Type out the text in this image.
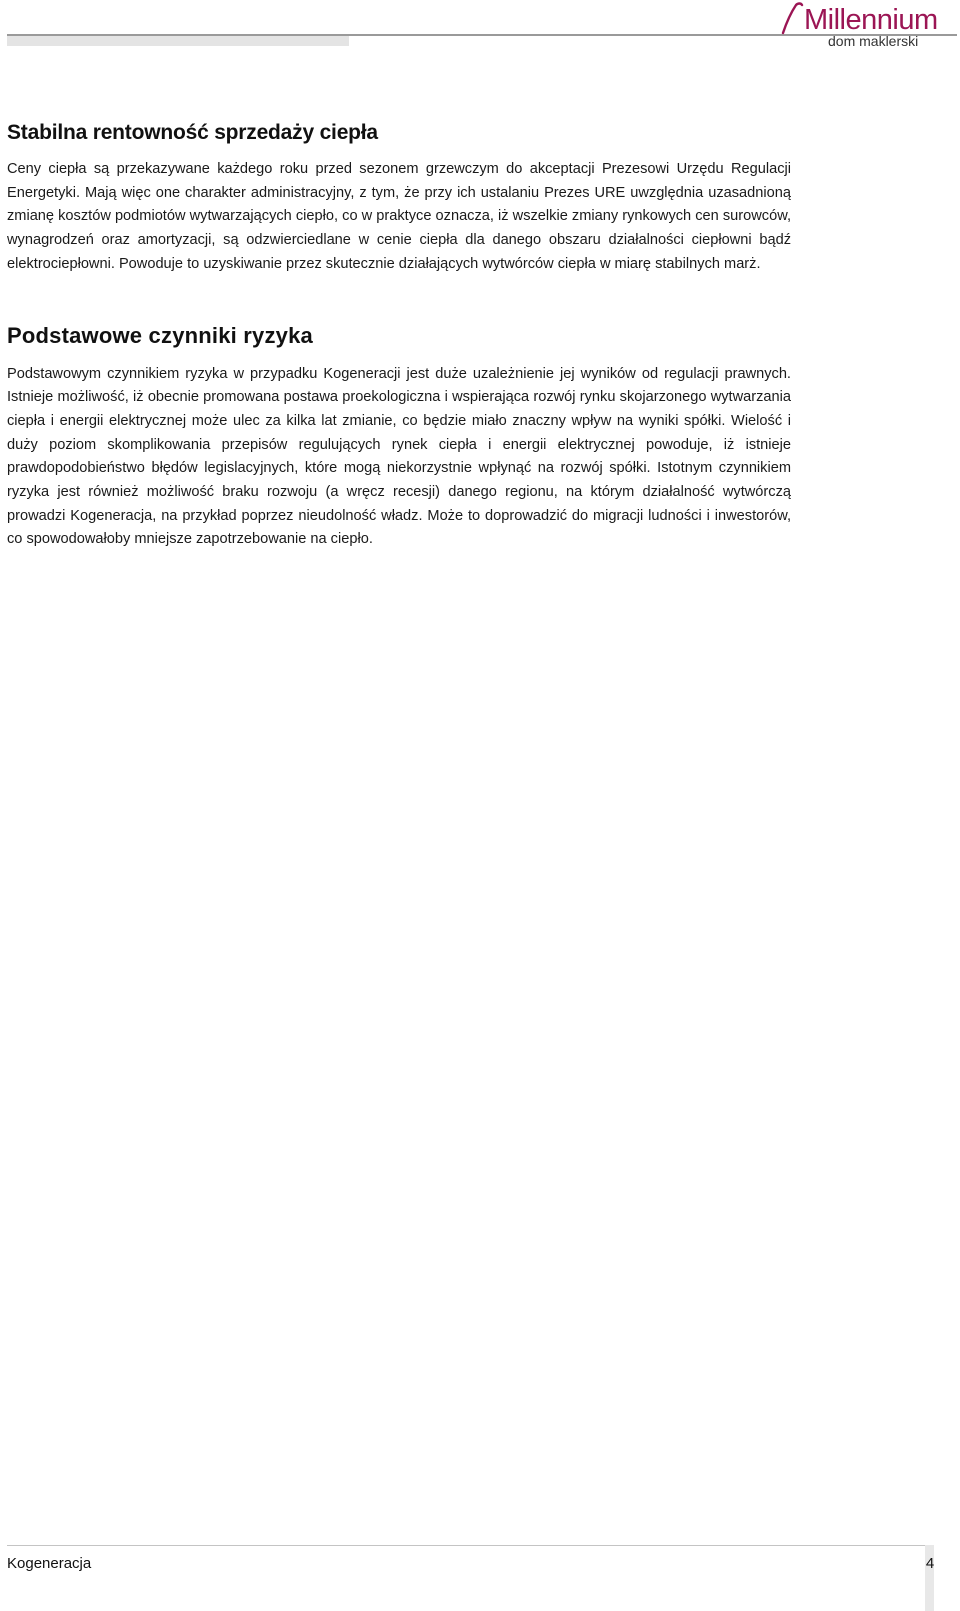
Millennium
dom maklerski
Stabilna rentowność sprzedaży ciepła

Ceny ciepła są przekazywane każdego roku przed sezonem grzewczym do akceptacji Prezesowi Urzędu Regulacji Energetyki. Mają więc one charakter administracyjny, z tym, że przy ich ustalaniu Prezes URE uwzględnia uzasadnioną zmianę kosztów podmiotów wytwarzających ciepło, co w praktyce oznacza, iż wszelkie zmiany rynkowych cen surowców, wynagrodzeń oraz amortyzacji, są odzwierciedlane w cenie ciepła dla danego obszaru działalności ciepłowni bądź elektrociepłowni. Powoduje to uzyskiwanie przez skutecznie działających wytwórców ciepła w miarę stabilnych marż.

Podstawowe czynniki ryzyka

Podstawowym czynnikiem ryzyka w przypadku Kogeneracji jest duże uzależnienie jej wyników od regulacji prawnych. Istnieje możliwość, iż obecnie promowana postawa proekologiczna i wspierająca rozwój rynku skojarzonego wytwarzania ciepła i energii elektrycznej może ulec za kilka lat zmianie, co będzie miało znaczny wpływ na wyniki spółki. Wielość i duży poziom skomplikowania przepisów regulujących rynek ciepła i energii elektrycznej powoduje, iż istnieje prawdopodobieństwo błędów legislacyjnych, które mogą niekorzystnie wpłynąć na rozwój spółki. Istotnym czynnikiem ryzyka jest również możliwość braku rozwoju (a wręcz recesji) danego regionu, na którym działalność wytwórczą prowadzi Kogeneracja, na przykład poprzez nieudolność władz. Może to doprowadzić do migracji ludności i inwestorów, co spowodowałoby mniejsze zapotrzebowanie na ciepło.

Kogeneracja	4
